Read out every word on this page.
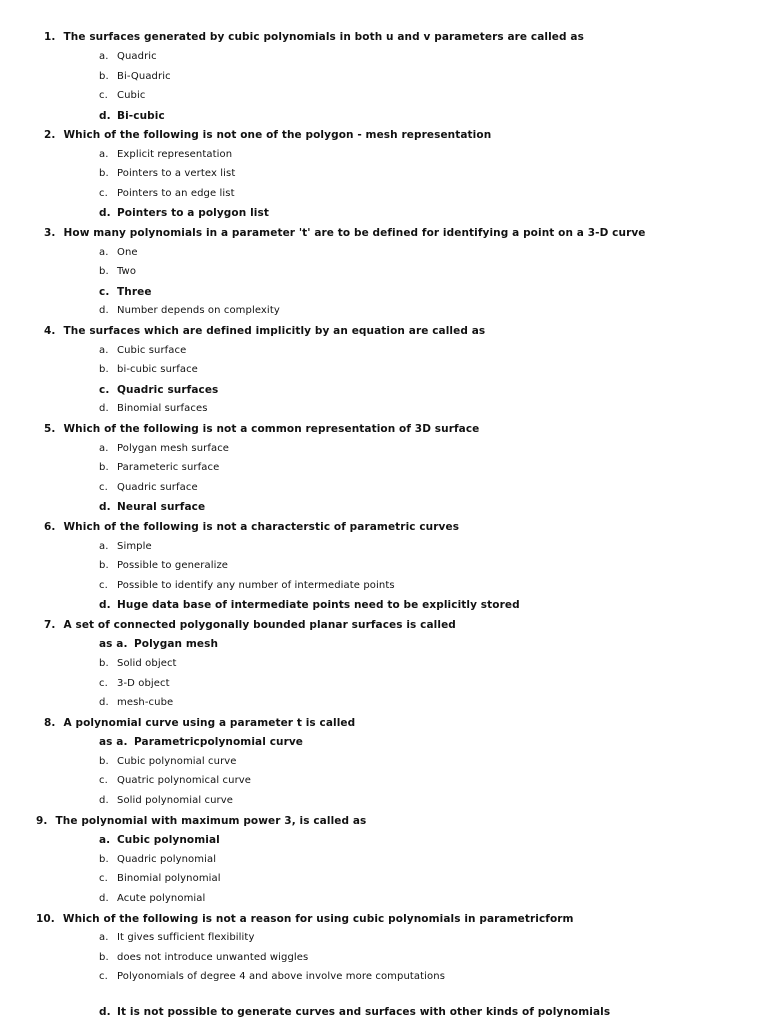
1. The surfaces generated by cubic polynomials in both u and v parameters are called as
a. Quadric
b. Bi-Quadric
c. Cubic
d. Bi-cubic
2. Which of the following is not one of the polygon - mesh representation
a. Explicit representation
b. Pointers to a vertex list
c. Pointers to an edge list
d. Pointers to a polygon list
3. How many polynomials in a parameter 't' are to be defined for identifying a point on a 3-D curve
a. One
b. Two
c. Three
d. Number depends on complexity
4. The surfaces which are defined implicitly by an equation are called as
a. Cubic surface
b. bi-cubic surface
c. Quadric surfaces
d. Binomial surfaces
5. Which of the following is not a common representation of 3D surface
a. Polygan mesh surface
b. Parameteric surface
c. Quadric surface
d. Neural surface
6. Which of the following is not a characterstic of parametric curves
a. Simple
b. Possible to generalize
c. Possible to identify any number of intermediate points
d. Huge data base of intermediate points need to be explicitly stored
7. A set of connected polygonally bounded planar surfaces is called
as a. Polygan mesh
b. Solid object
c. 3-D object
d. mesh-cube
8. A polynomial curve using a parameter t is called
as a. Parametricpolynomial curve
b. Cubic polynomial curve
c. Quatric polynomical curve
d. Solid polynomial curve
9. The polynomial with maximum power 3, is called as
a. Cubic polynomial
b. Quadric polynomial
c. Binomial polynomial
d. Acute polynomial
10. Which of the following is not a reason for using cubic polynomials in parametricform
a. It gives sufficient flexibility
b. does not introduce unwanted wiggles
c. Polyonomials of degree 4 and above involve more computations
d. It is not possible to generate curves and surfaces with other kinds of polynomials
